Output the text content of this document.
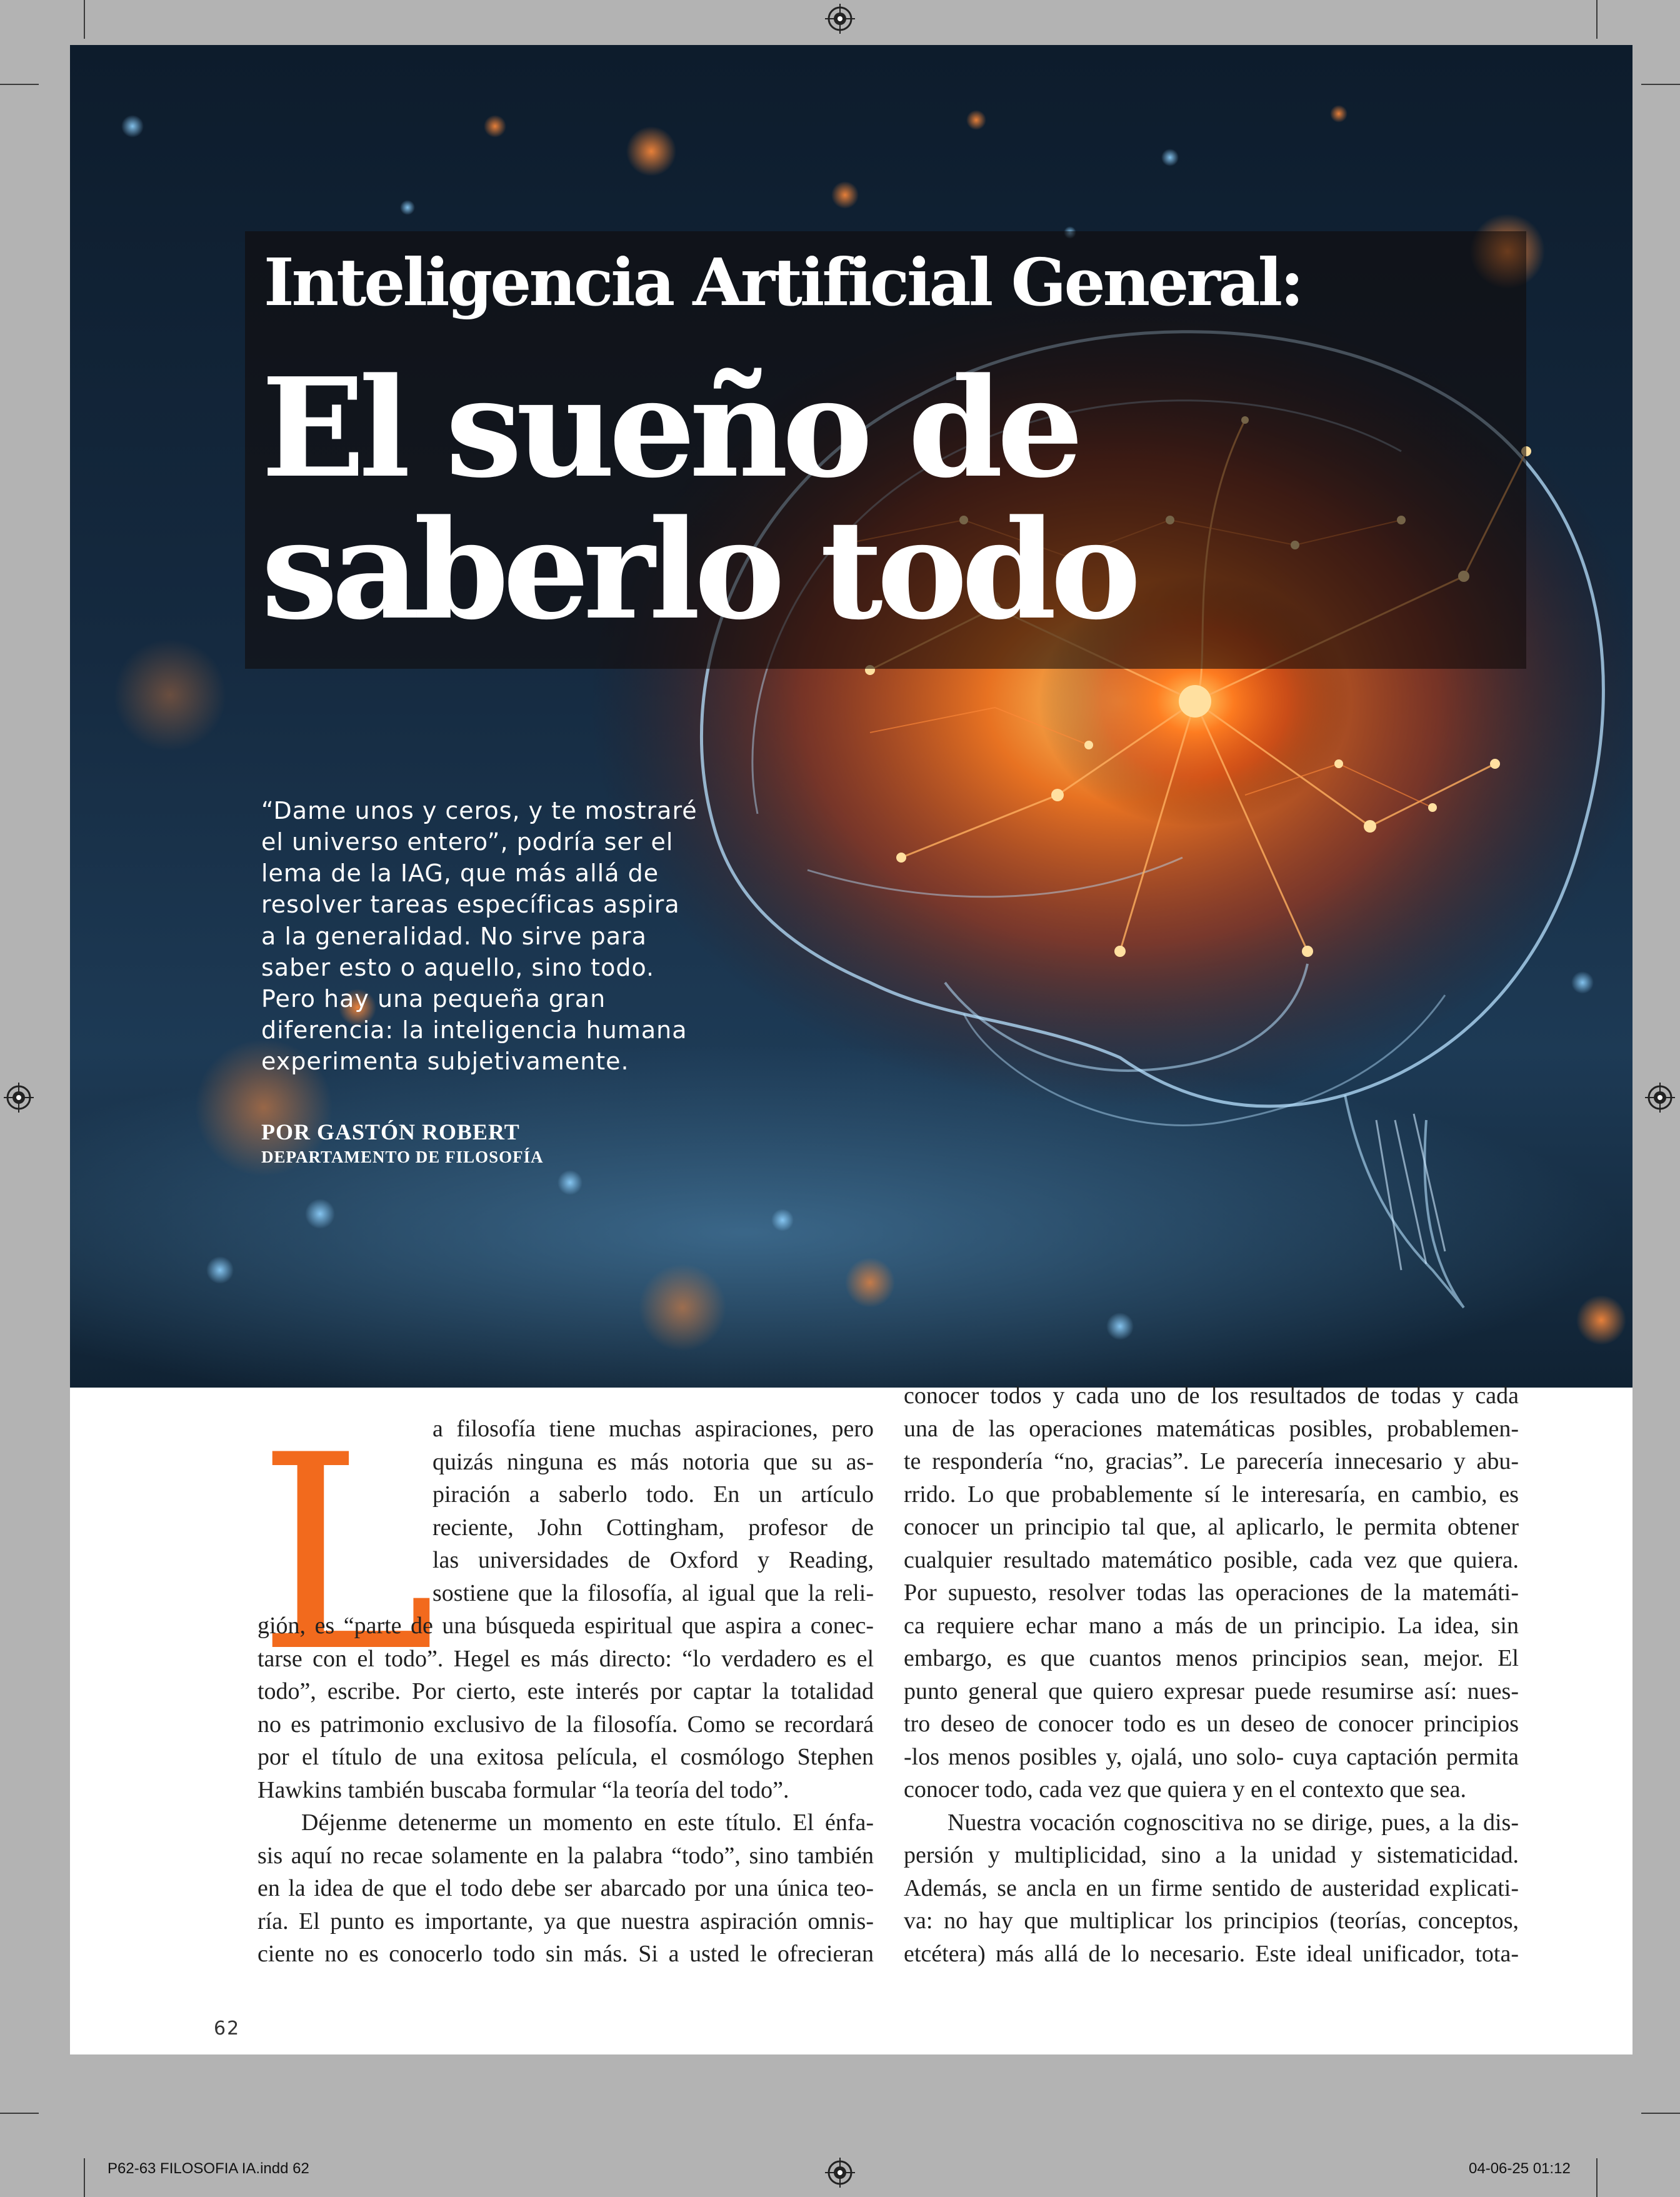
Inteligencia Artificial General:
El sueño de
saberlo todo
“Dame unos y ceros, y te mostraré
el universo entero”, podría ser el
lema de la IAG, que más allá de
resolver tareas específicas aspira
a la generalidad. No sirve para
saber esto o aquello, sino todo.
Pero hay una pequeña gran
diferencia: la inteligencia humana
experimenta subjetivamente.
POR GASTÓN ROBERT
DEPARTAMENTO DE FILOSOFÍA
L
a filosofía tiene muchas aspiraciones, pero
quizás ninguna es más notoria que su as-
piración a saberlo todo. En un artículo
reciente, John Cottingham, profesor de
las universidades de Oxford y Reading,
sostiene que la filosofía, al igual que la reli-
gión, es “parte de una búsqueda espiritual que aspira a conec-
tarse con el todo”. Hegel es más directo: “lo verdadero es el
todo”, escribe. Por cierto, este interés por captar la totalidad
no es patrimonio exclusivo de la filosofía. Como se recordará
por el título de una exitosa película, el cosmólogo Stephen
Hawkins también buscaba formular “la teoría del todo”.
Déjenme detenerme un momento en este título. El énfa-
sis aquí no recae solamente en la palabra “todo”, sino también
en la idea de que el todo debe ser abarcado por una única teo-
ría. El punto es importante, ya que nuestra aspiración omnis-
ciente no es conocerlo todo sin más. Si a usted le ofrecieran
conocer todos y cada uno de los resultados de todas y cada
una de las operaciones matemáticas posibles, probablemen-
te respondería “no, gracias”. Le parecería innecesario y abu-
rrido. Lo que probablemente sí le interesaría, en cambio, es
conocer un principio tal que, al aplicarlo, le permita obtener
cualquier resultado matemático posible, cada vez que quiera.
Por supuesto, resolver todas las operaciones de la matemáti-
ca requiere echar mano a más de un principio. La idea, sin
embargo, es que cuantos menos principios sean, mejor. El
punto general que quiero expresar puede resumirse así: nues-
tro deseo de conocer todo es un deseo de conocer principios
-los menos posibles y, ojalá, uno solo- cuya captación permita
conocer todo, cada vez que quiera y en el contexto que sea.
Nuestra vocación cognoscitiva no se dirige, pues, a la dis-
persión y multiplicidad, sino a la unidad y sistematicidad.
Además, se ancla en un firme sentido de austeridad explicati-
va: no hay que multiplicar los principios (teorías, conceptos,
etcétera) más allá de lo necesario. Este ideal unificador, tota-
62
P62-63 FILOSOFIA IA.indd 62	04-06-25 01:12
